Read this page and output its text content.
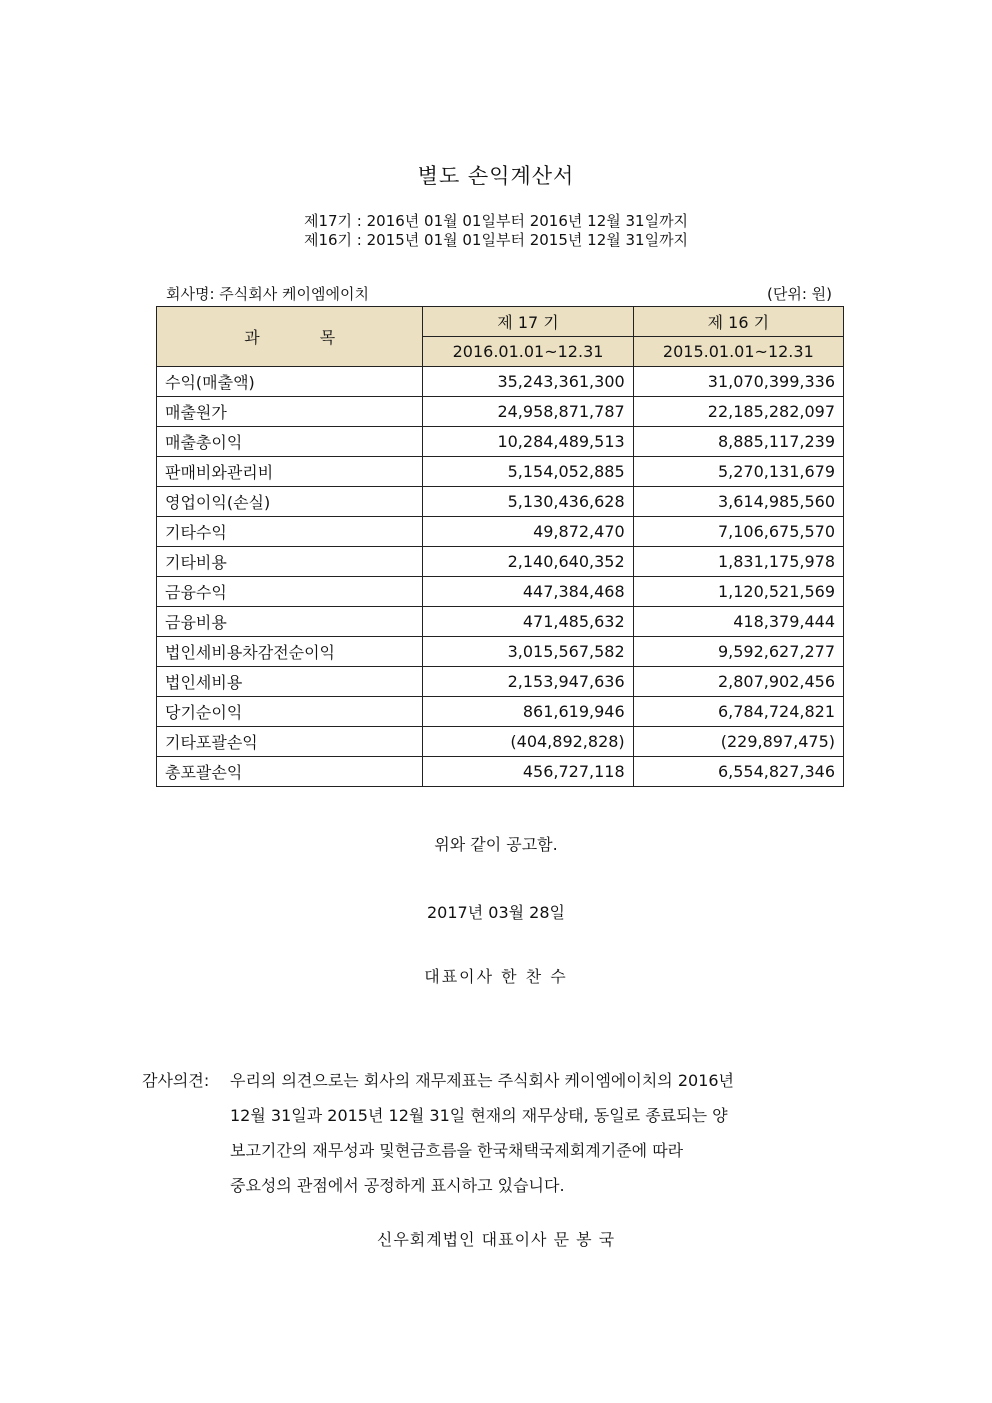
별도 손익계산서
제17기 : 2016년 01월 01일부터 2016년 12월 31일까지
제16기 : 2015년 01월 01일부터 2015년 12월 31일까지
회사명: 주식회사 케이엠에이치	(단위: 원)
과 목	제 17 기	제 16 기
	2016.01.01~12.31	2015.01.01~12.31
수익(매출액)	35,243,361,300	31,070,399,336
매출원가	24,958,871,787	22,185,282,097
매출총이익	10,284,489,513	8,885,117,239
판매비와관리비	5,154,052,885	5,270,131,679
영업이익(손실)	5,130,436,628	3,614,985,560
기타수익	49,872,470	7,106,675,570
기타비용	2,140,640,352	1,831,175,978
금융수익	447,384,468	1,120,521,569
금융비용	471,485,632	418,379,444
법인세비용차감전순이익	3,015,567,582	9,592,627,277
법인세비용	2,153,947,636	2,807,902,456
당기순이익	861,619,946	6,784,724,821
기타포괄손익	(404,892,828)	(229,897,475)
총포괄손익	456,727,118	6,554,827,346
위와 같이 공고함.
2017년 03월 28일
대표이사 한 찬 수
감사의견: 우리의 의견으로는 회사의 재무제표는 주식회사 케이엠에이치의 2016년
12월 31일과 2015년 12월 31일 현재의 재무상태, 동일로 종료되는 양
보고기간의 재무성과 및현금흐름을 한국채택국제회계기준에 따라
중요성의 관점에서 공정하게 표시하고 있습니다.
신우회계법인 대표이사 문 봉 국
